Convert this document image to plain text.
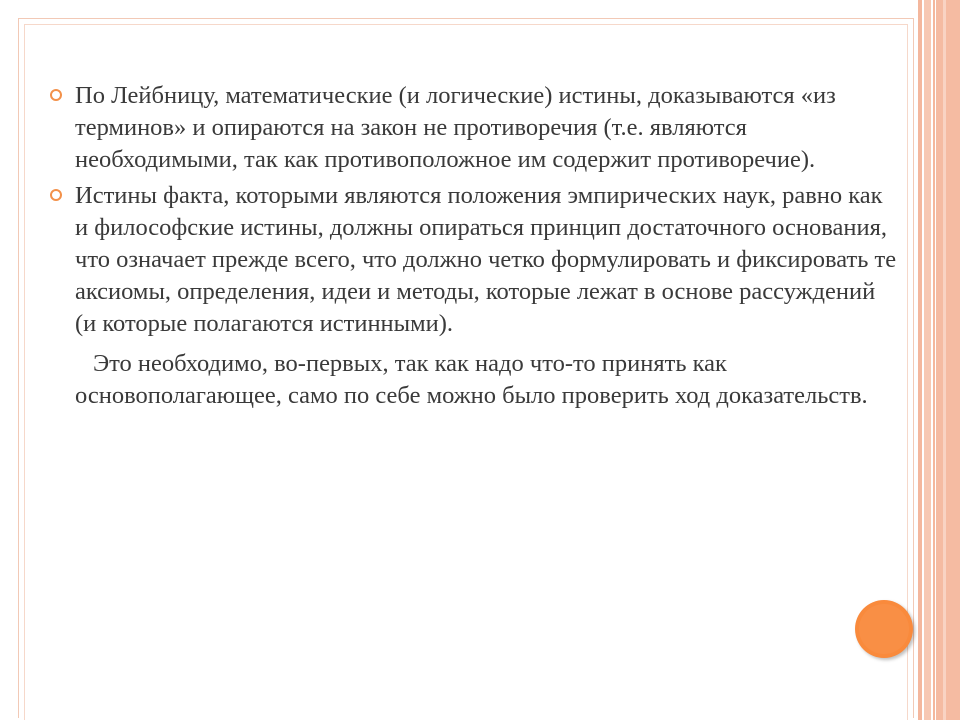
По Лейбницу, математические (и логические) истины, доказываются «из терминов» и опираются на закон не противоречия (т.е. являются необходимыми, так как противоположное им содержит противоречие).
Истины факта, которыми являются положения эмпирических наук, равно как и философские истины, должны опираться принцип достаточного основания, что означает прежде всего, что должно четко формулировать и фиксировать те аксиомы, определения, идеи и методы, которые лежат в основе рассуждений (и которые полагаются истинными).
Это необходимо, во-первых, так как надо что-то принять как основополагающее, само по себе можно было проверить ход доказательств.
